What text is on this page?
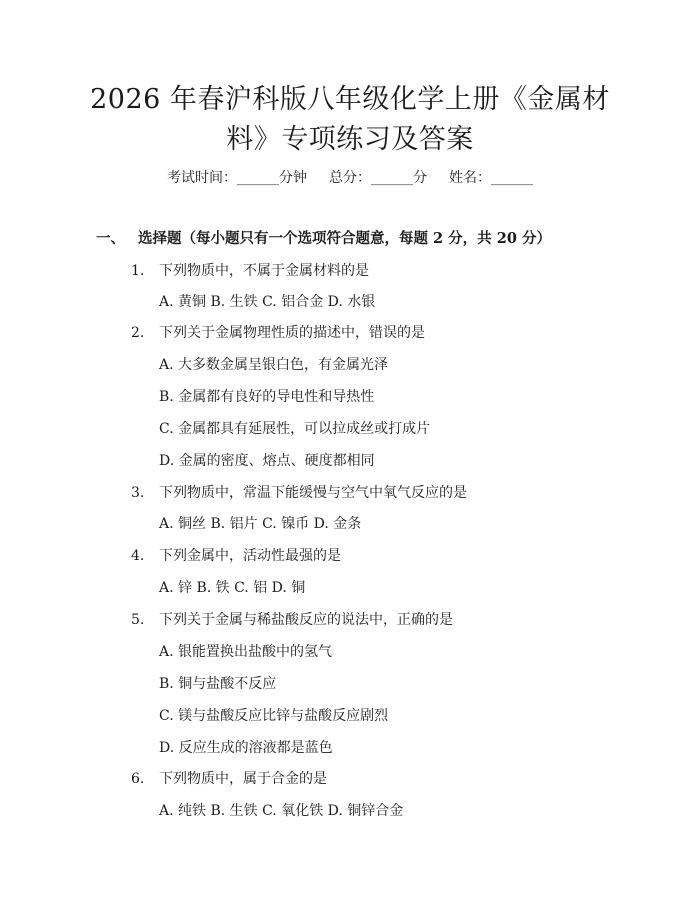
2026 年春沪科版八年级化学上册《金属材
料》专项练习及答案
考试时间：______分钟 总分：______分 姓名：______
一、 选择题（每小题只有一个选项符合题意，每题 2 分，共 20 分）
1. 下列物质中，不属于金属材料的是
A. 黄铜 B. 生铁 C. 铝合金 D. 水银
2. 下列关于金属物理性质的描述中，错误的是
A. 大多数金属呈银白色，有金属光泽
B. 金属都有良好的导电性和导热性
C. 金属都具有延展性，可以拉成丝或打成片
D. 金属的密度、熔点、硬度都相同
3. 下列物质中，常温下能缓慢与空气中氧气反应的是
A. 铜丝 B. 铝片 C. 镍币 D. 金条
4. 下列金属中，活动性最强的是
A. 锌 B. 铁 C. 铝 D. 铜
5. 下列关于金属与稀盐酸反应的说法中，正确的是
A. 银能置换出盐酸中的氢气
B. 铜与盐酸不反应
C. 镁与盐酸反应比锌与盐酸反应剧烈
D. 反应生成的溶液都是蓝色
6. 下列物质中，属于合金的是
A. 纯铁 B. 生铁 C. 氧化铁 D. 铜锌合金
